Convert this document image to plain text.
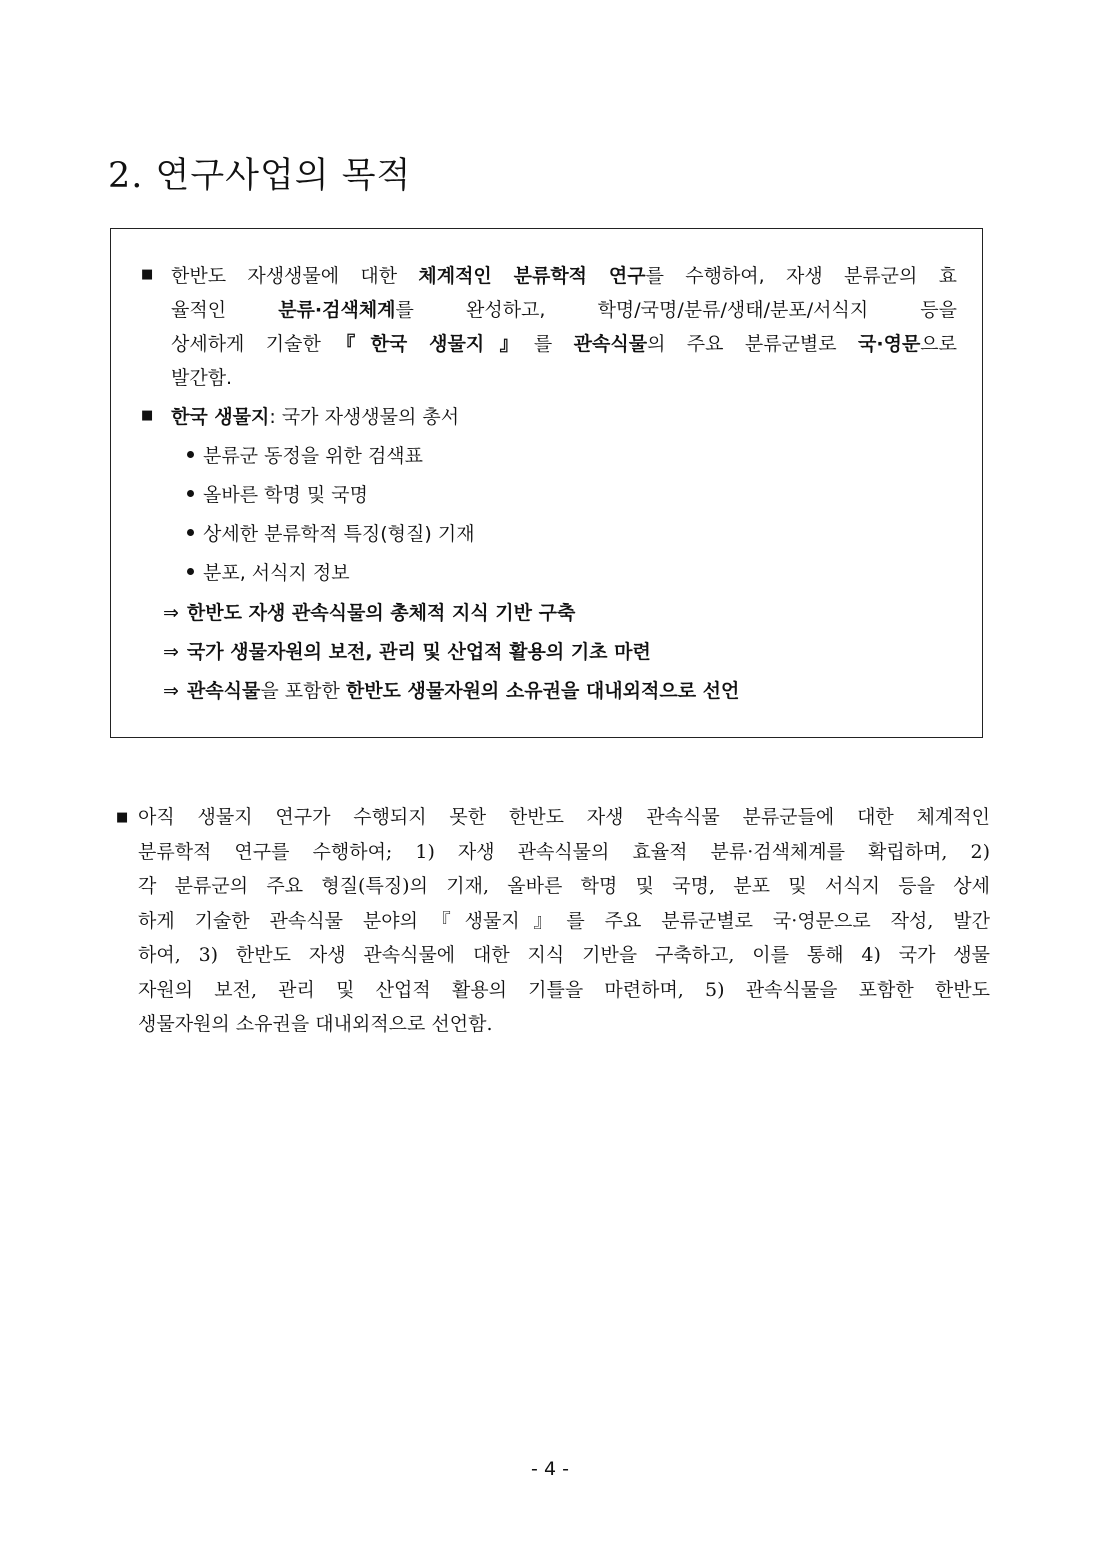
2. 연구사업의 목적
■ 한반도 자생생물에 대한 체계적인 분류학적 연구를 수행하여, 자생 분류군의 효
율적인 분류·검색체계를 완성하고, 학명/국명/분류/생태/분포/서식지 등을
상세하게 기술한『한국 생물지』를 관속식물의 주요 분류군별로 국·영문으로
발간함.
■ 한국 생물지: 국가 자생생물의 총서
분류군 동정을 위한 검색표
올바른 학명 및 국명
상세한 분류학적 특징(형질) 기재
분포, 서식지 정보
⇒ 한반도 자생 관속식물의 총체적 지식 기반 구축
⇒ 국가 생물자원의 보전, 관리 및 산업적 활용의 기초 마련
⇒ 관속식물을 포함한 한반도 생물자원의 소유권을 대내외적으로 선언
■ 아직 생물지 연구가 수행되지 못한 한반도 자생 관속식물 분류군들에 대한 체계적인
분류학적 연구를 수행하여; 1) 자생 관속식물의 효율적 분류·검색체계를 확립하며, 2)
각 분류군의 주요 형질(특징)의 기재, 올바른 학명 및 국명, 분포 및 서식지 등을 상세
하게 기술한 관속식물 분야의『생물지』를 주요 분류군별로 국·영문으로 작성, 발간
하여, 3) 한반도 자생 관속식물에 대한 지식 기반을 구축하고, 이를 통해 4) 국가 생물
자원의 보전, 관리 및 산업적 활용의 기틀을 마련하며, 5) 관속식물을 포함한 한반도
생물자원의 소유권을 대내외적으로 선언함.
- 4 -
